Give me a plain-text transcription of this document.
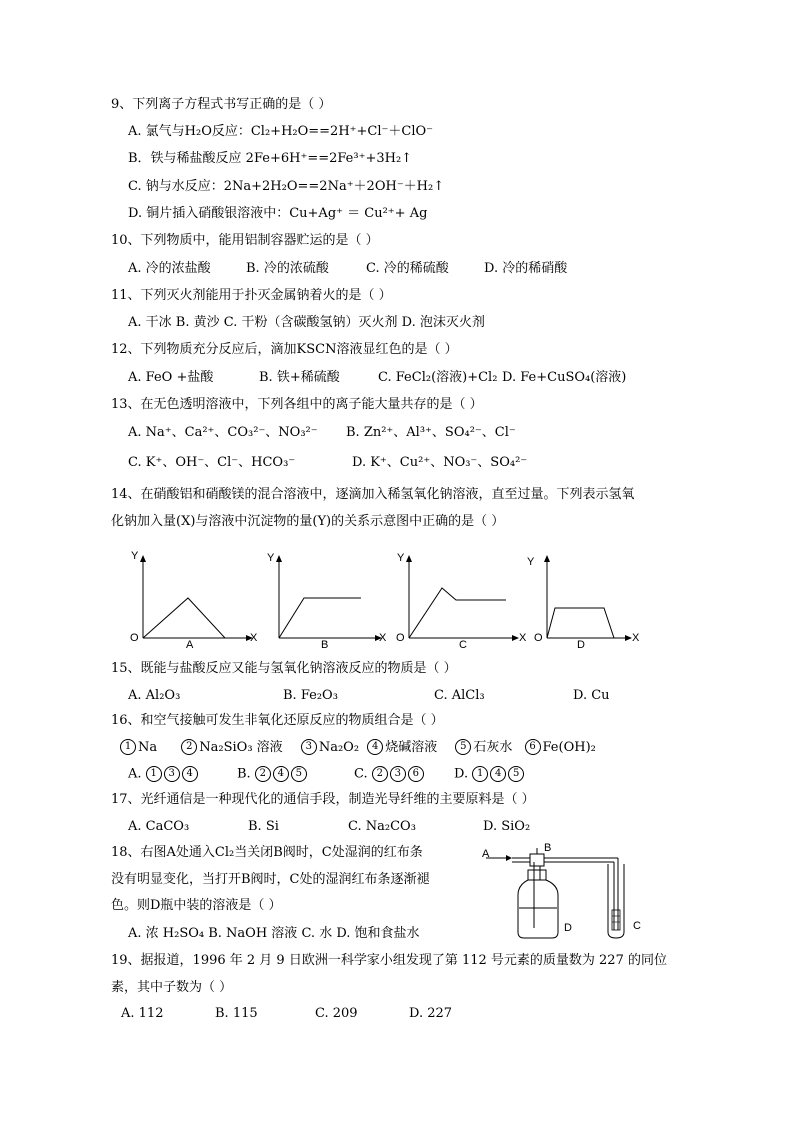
9、下列离子方程式书写正确的是（ ）
A. 氯气与H₂O反应：Cl₂+H₂O==2H⁺+Cl⁻＋ClO⁻
B．铁与稀盐酸反应 2Fe+6H⁺==2Fe³⁺+3H₂↑
C. 钠与水反应：2Na+2H₂O==2Na⁺＋2OH⁻＋H₂↑
D. 铜片插入硝酸银溶液中：Cu+Ag⁺ ＝ Cu²⁺+ Ag
10、下列物质中，能用铝制容器贮运的是（ ）
A. 冷的浓盐酸	B. 冷的浓硫酸	C. 冷的稀硫酸	D. 冷的稀硝酸
11、下列灭火剂能用于扑灭金属钠着火的是（ ）
A. 干冰 B. 黄沙 C. 干粉（含碳酸氢钠）灭火剂 D. 泡沫灭火剂
12、下列物质充分反应后，滴加KSCN溶液显红色的是（ ）
A. FeO +盐酸	B. 铁+稀硫酸	C. FeCl₂(溶液)+Cl₂ D. Fe+CuSO₄(溶液)
13、在无色透明溶液中，下列各组中的离子能大量共存的是（ ）
A. Na⁺、Ca²⁺、CO₃²⁻、NO₃²⁻ B. Zn²⁺、Al³⁺、SO₄²⁻、Cl⁻
C. K⁺、OH⁻、Cl⁻、HCO₃⁻	D. K⁺、Cu²⁺、NO₃⁻、SO₄²⁻
14、在硝酸铝和硝酸镁的混合溶液中，逐滴加入稀氢氧化钠溶液，直至过量。下列表示氢氧
化钠加入量(X)与溶液中沉淀物的量(Y)的关系示意图中正确的是（ ）
Y
O	X
A
Y
X
B
Y
O	X
C
Y
O	X
D
15、既能与盐酸反应又能与氢氧化钠溶液反应的物质是（ ）
A. Al₂O₃	B. Fe₂O₃	C. AlCl₃	D. Cu
16、和空气接触可发生非氧化还原反应的物质组合是（ ）
1 Na	2 Na₂SiO₃ 溶液 3 Na₂O₂ 4 烧碱溶液 5 石灰水 6 Fe(OH)₂
A. 1 3 4	B. 2 4 5	C. 2 3 6	D. 1 4 5
17、光纤通信是一种现代化的通信手段，制造光导纤维的主要原料是（ ）
A. CaCO₃	B. Si	C. Na₂CO₃	D. SiO₂
18、右图A处通入Cl₂当关闭B阀时，C处湿润的红布条
没有明显变化，当打开B阀时，C处的湿润红布条逐渐褪
色。则D瓶中装的溶液是（ ）
A. 浓 H₂SO₄ B. NaOH 溶液 C. 水 D. 饱和食盐水
A	B
C
D
19、据报道，1996 年 2 月 9 日欧洲一科学家小组发现了第 112 号元素的质量数为 227 的同位
素，其中子数为（ ）
A. 112	B. 115	C. 209	D. 227
